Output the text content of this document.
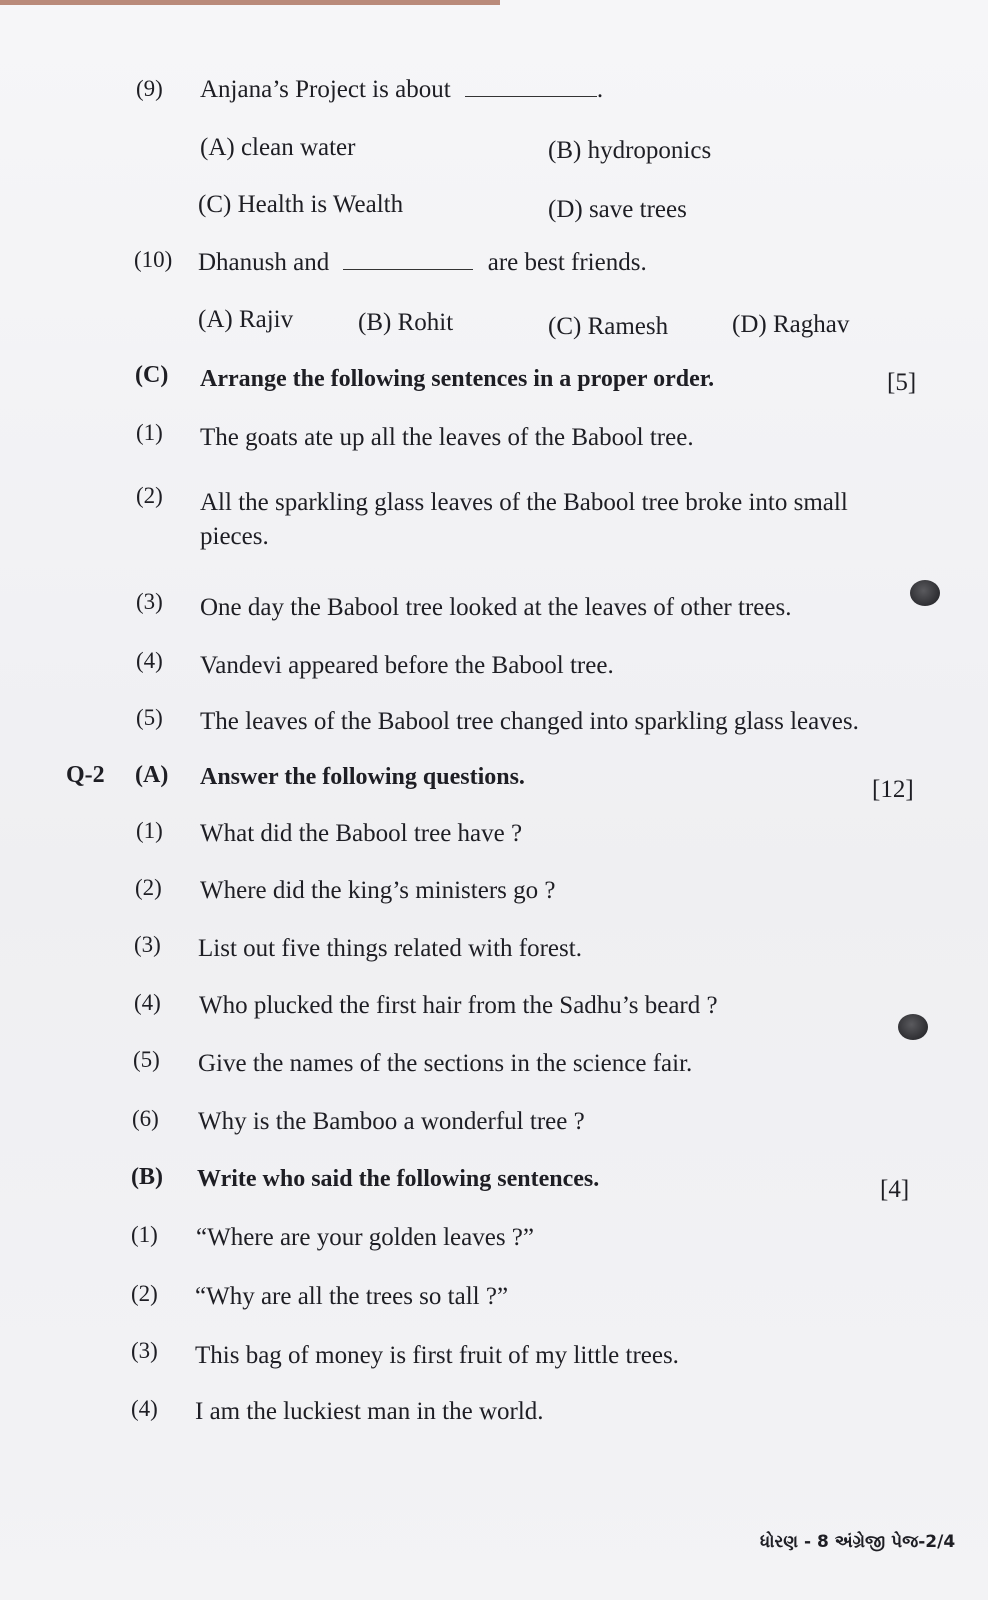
(9) Anjana’s Project is about	.
(A) clean water	(B) hydroponics
(C) Health is Wealth	(D) save trees
(10) Dhanush and	are best friends.
(A) Rajiv	(B) Rohit	(C) Ramesh	(D) Raghav
(C) Arrange the following sentences in a proper order.	[5]
(1) The goats ate up all the leaves of the Babool tree.
(2) All the sparkling glass leaves of the Babool tree broke into small
pieces.
(3) One day the Babool tree looked at the leaves of other trees.
(4) Vandevi appeared before the Babool tree.
(5) The leaves of the Babool tree changed into sparkling glass leaves.
Q-2 (A) Answer the following questions.	[12]
(1) What did the Babool tree have ?
(2) Where did the king’s ministers go ?
(3) List out five things related with forest.
(4) Who plucked the first hair from the Sadhu’s beard ?
(5) Give the names of the sections in the science fair.
(6) Why is the Bamboo a wonderful tree ?
(B) Write who said the following sentences.	[4]
(1) “Where are your golden leaves ?”
(2) “Why are all the trees so tall ?”
(3) This bag of money is first fruit of my little trees.
(4) I am the luckiest man in the world.
ધોરણ - 8 અંગ્રેજી પેજ-2/4
